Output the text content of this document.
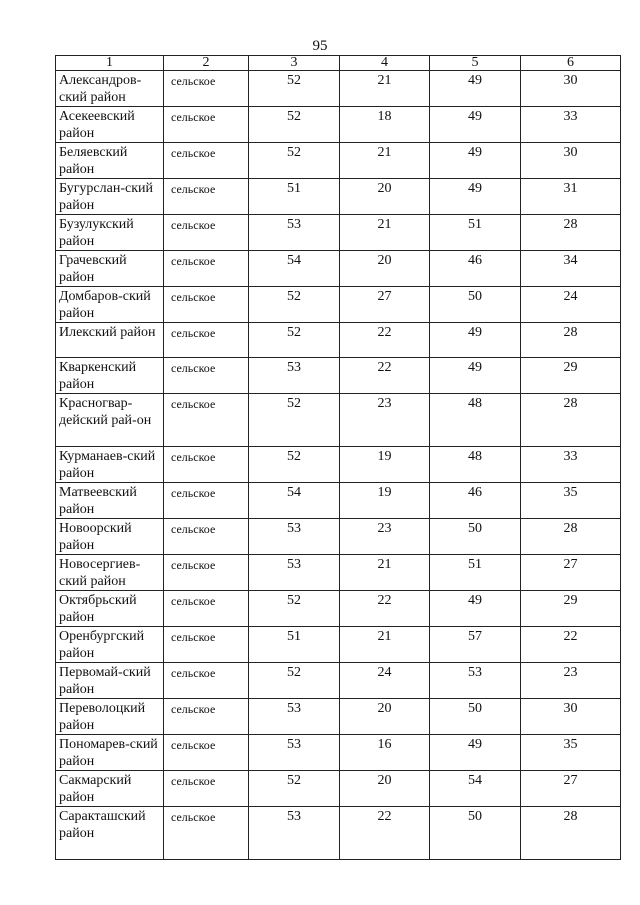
95
1	2	3	4	5	6
Александров-ский район	сельское	52	21	49	30
Асекеевский район	сельское	52	18	49	33
Беляевский район	сельское	52	21	49	30
Бугурслан-ский район	сельское	51	20	49	31
Бузулукский район	сельское	53	21	51	28
Грачевский район	сельское	54	20	46	34
Домбаров-ский район	сельское	52	27	50	24
Илекский район	сельское	52	22	49	28
Кваркенский район	сельское	53	22	49	29
Красногвар-дейский рай-он	сельское	52	23	48	28
Курманаев-ский район	сельское	52	19	48	33
Матвеевский район	сельское	54	19	46	35
Новоорский район	сельское	53	23	50	28
Новосергиев-ский район	сельское	53	21	51	27
Октябрьский район	сельское	52	22	49	29
Оренбургский район	сельское	51	21	57	22
Первомай-ский район	сельское	52	24	53	23
Переволоцкий район	сельское	53	20	50	30
Пономарев-ский район	сельское	53	16	49	35
Сакмарский район	сельское	52	20	54	27
Саракташский район	сельское	53	22	50	28
